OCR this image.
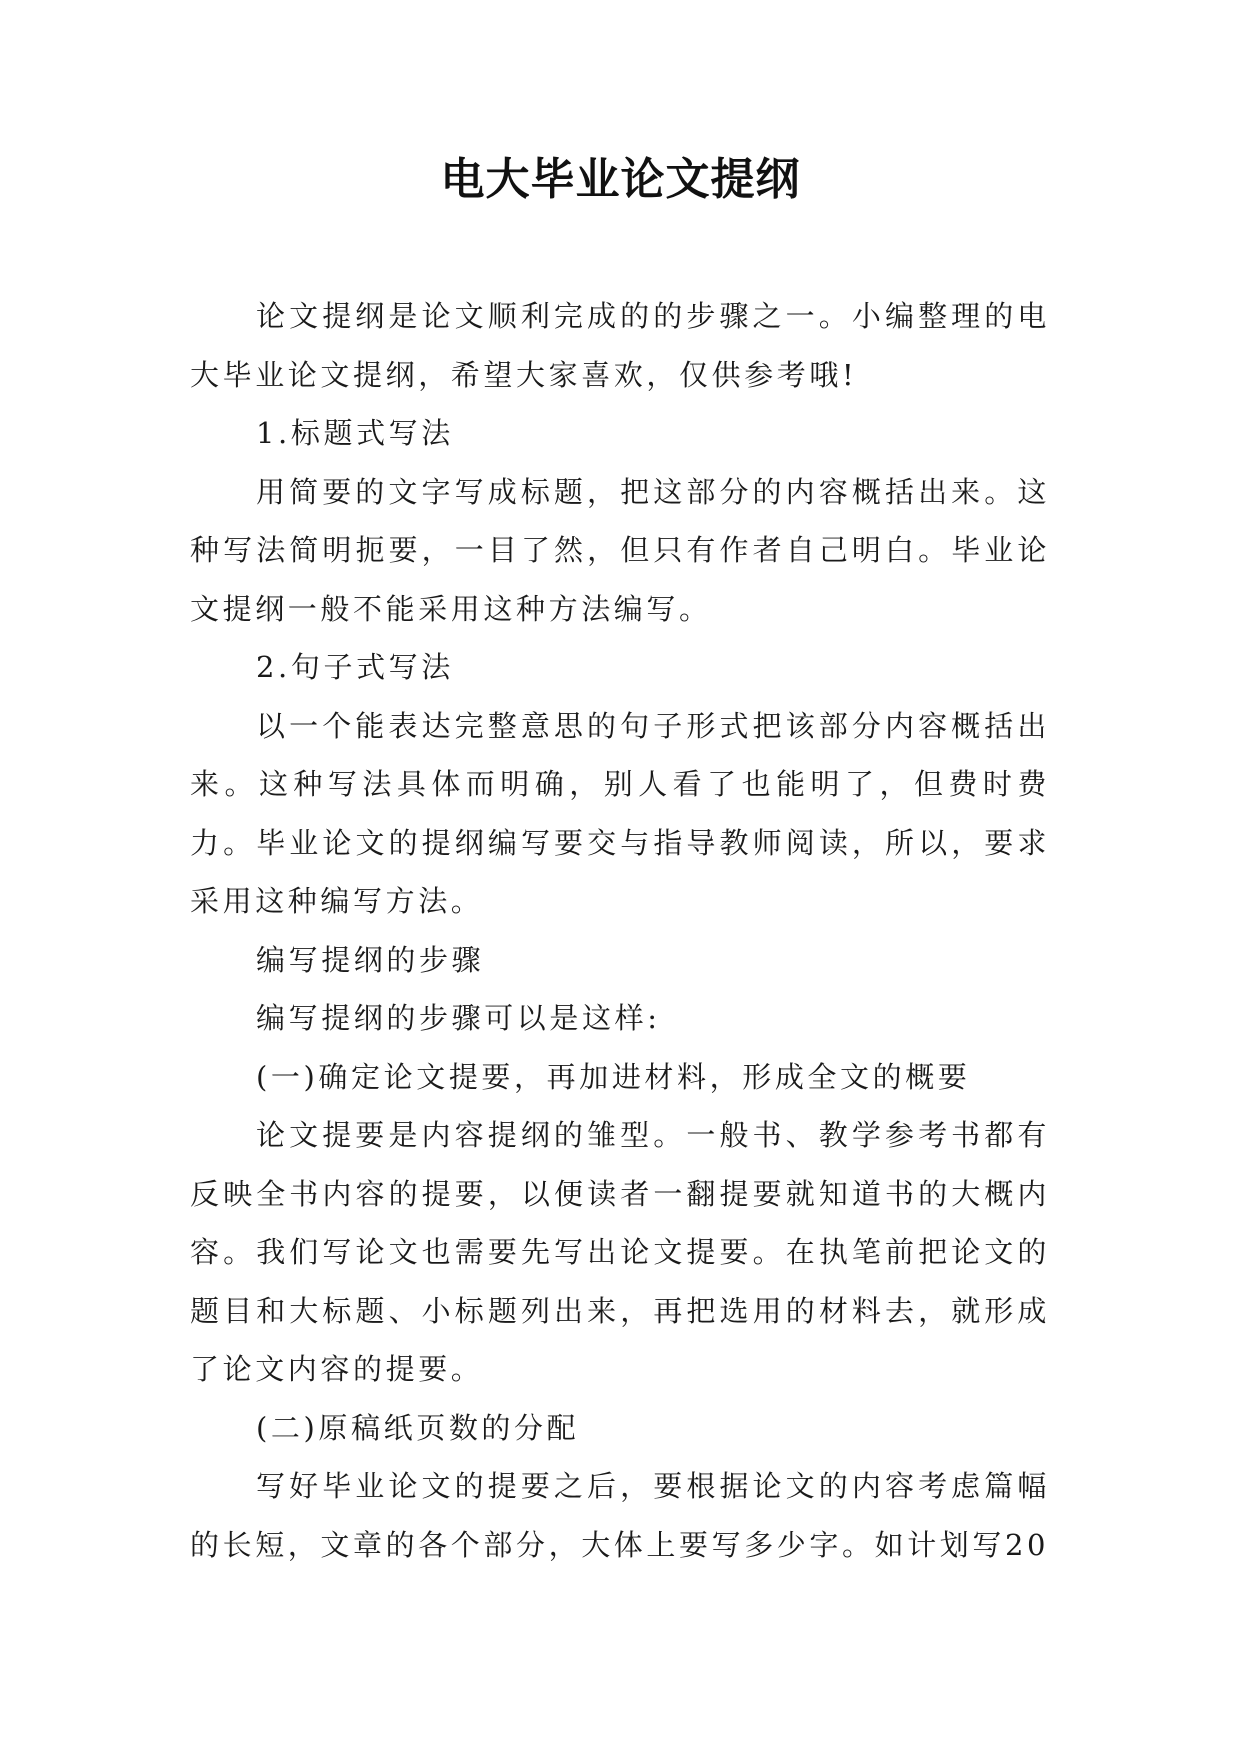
电大毕业论文提纲

论文提纲是论文顺利完成的的步骤之一。小编整理的电大毕业论文提纲，希望大家喜欢，仅供参考哦!

1.标题式写法

用简要的文字写成标题，把这部分的内容概括出来。这种写法简明扼要，一目了然，但只有作者自己明白。毕业论文提纲一般不能采用这种方法编写。

2.句子式写法

以一个能表达完整意思的句子形式把该部分内容概括出来。这种写法具体而明确，别人看了也能明了，但费时费力。毕业论文的提纲编写要交与指导教师阅读，所以，要求采用这种编写方法。

编写提纲的步骤

编写提纲的步骤可以是这样:

(一)确定论文提要，再加进材料，形成全文的概要

论文提要是内容提纲的雏型。一般书、教学参考书都有反映全书内容的提要，以便读者一翻提要就知道书的大概内容。我们写论文也需要先写出论文提要。在执笔前把论文的题目和大标题、小标题列出来，再把选用的材料去，就形成了论文内容的提要。

(二)原稿纸页数的分配

写好毕业论文的提要之后，要根据论文的内容考虑篇幅的长短，文章的各个部分，大体上要写多少字。如计划写20
